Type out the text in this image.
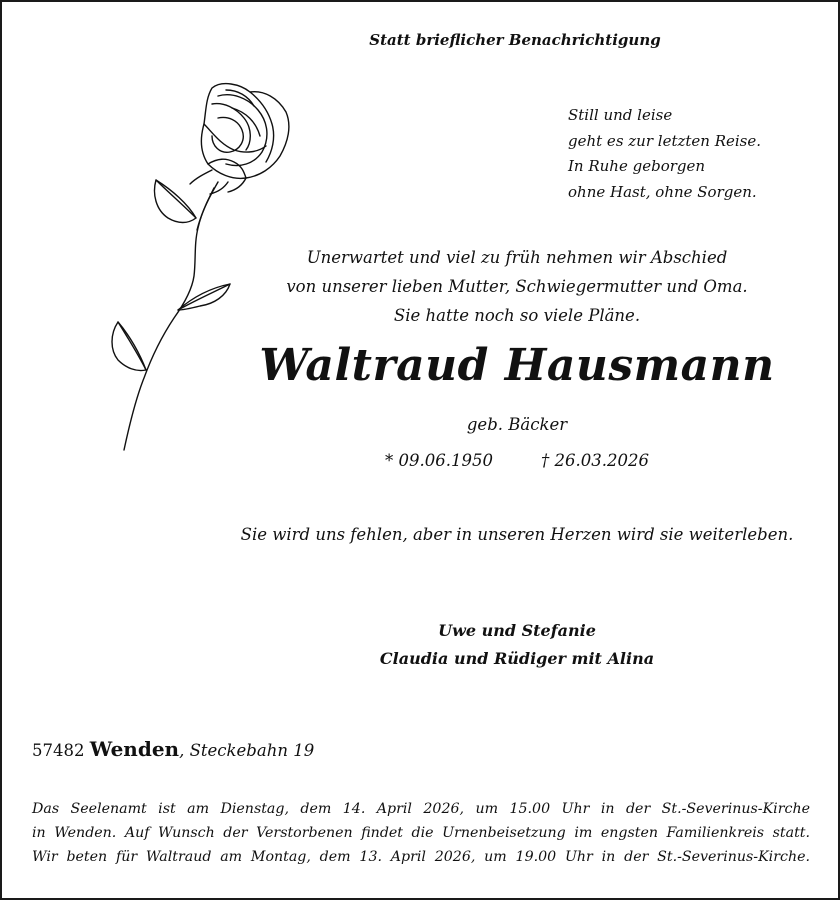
Statt brieflicher Benachrichtigung
Still und leise
geht es zur letzten Reise.
In Ruhe geborgen
ohne Hast, ohne Sorgen.
Unerwartet und viel zu früh nehmen wir Abschied
von unserer lieben Mutter, Schwiegermutter und Oma.
Sie hatte noch so viele Pläne.
Waltraud Hausmann
geb. Bäcker
* 09.06.1950	† 26.03.2026
Sie wird uns fehlen, aber in unseren Herzen wird sie weiterleben.
Uwe und Stefanie
Claudia und Rüdiger mit Alina
57482 Wenden, Steckebahn 19
Das Seelenamt ist am Dienstag, dem 14. April 2026, um 15.00 Uhr in der St.-Severinus-Kirche
in Wenden. Auf Wunsch der Verstorbenen findet die Urnenbeisetzung im engsten Familienkreis statt.
Wir beten für Waltraud am Montag, dem 13. April 2026, um 19.00 Uhr in der St.-Severinus-Kirche.
